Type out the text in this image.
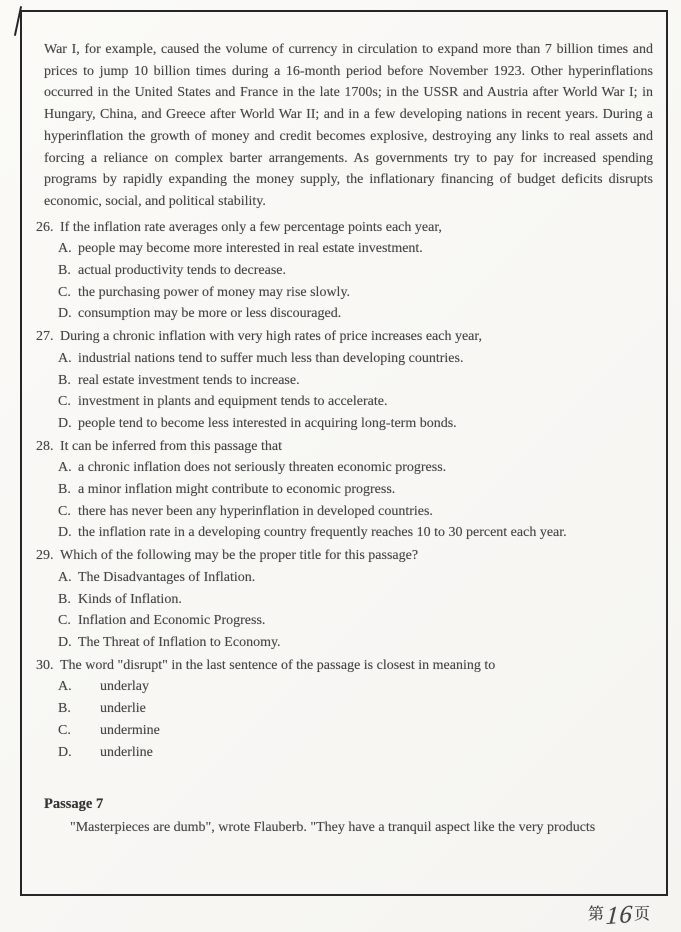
War I, for example, caused the volume of currency in circulation to expand more than 7 billion times and prices to jump 10 billion times during a 16-month period before November 1923. Other hyperinflations occurred in the United States and France in the late 1700s; in the USSR and Austria after World War I; in Hungary, China, and Greece after World War II; and in a few developing nations in recent years. During a hyperinflation the growth of money and credit becomes explosive, destroying any links to real assets and forcing a reliance on complex barter arrangements. As governments try to pay for increased spending programs by rapidly expanding the money supply, the inflationary financing of budget deficits disrupts economic, social, and political stability.

26. If the inflation rate averages only a few percentage points each year,
A. people may become more interested in real estate investment.
B. actual productivity tends to decrease.
C. the purchasing power of money may rise slowly.
D. consumption may be more or less discouraged.
27. During a chronic inflation with very high rates of price increases each year,
A. industrial nations tend to suffer much less than developing countries.
B. real estate investment tends to increase.
C. investment in plants and equipment tends to accelerate.
D. people tend to become less interested in acquiring long-term bonds.
28. It can be inferred from this passage that
A. a chronic inflation does not seriously threaten economic progress.
B. a minor inflation might contribute to economic progress.
C. there has never been any hyperinflation in developed countries.
D. the inflation rate in a developing country frequently reaches 10 to 30 percent each year.
29. Which of the following may be the proper title for this passage?
A. The Disadvantages of Inflation.
B. Kinds of Inflation.
C. Inflation and Economic Progress.
D. The Threat of Inflation to Economy.
30. The word "disrupt" in the last sentence of the passage is closest in meaning to
A. underlay
B. underlie
C. undermine
D. underline
Passage 7
"Masterpieces are dumb", wrote Flauberb. "They have a tranquil aspect like the very products
第16页
